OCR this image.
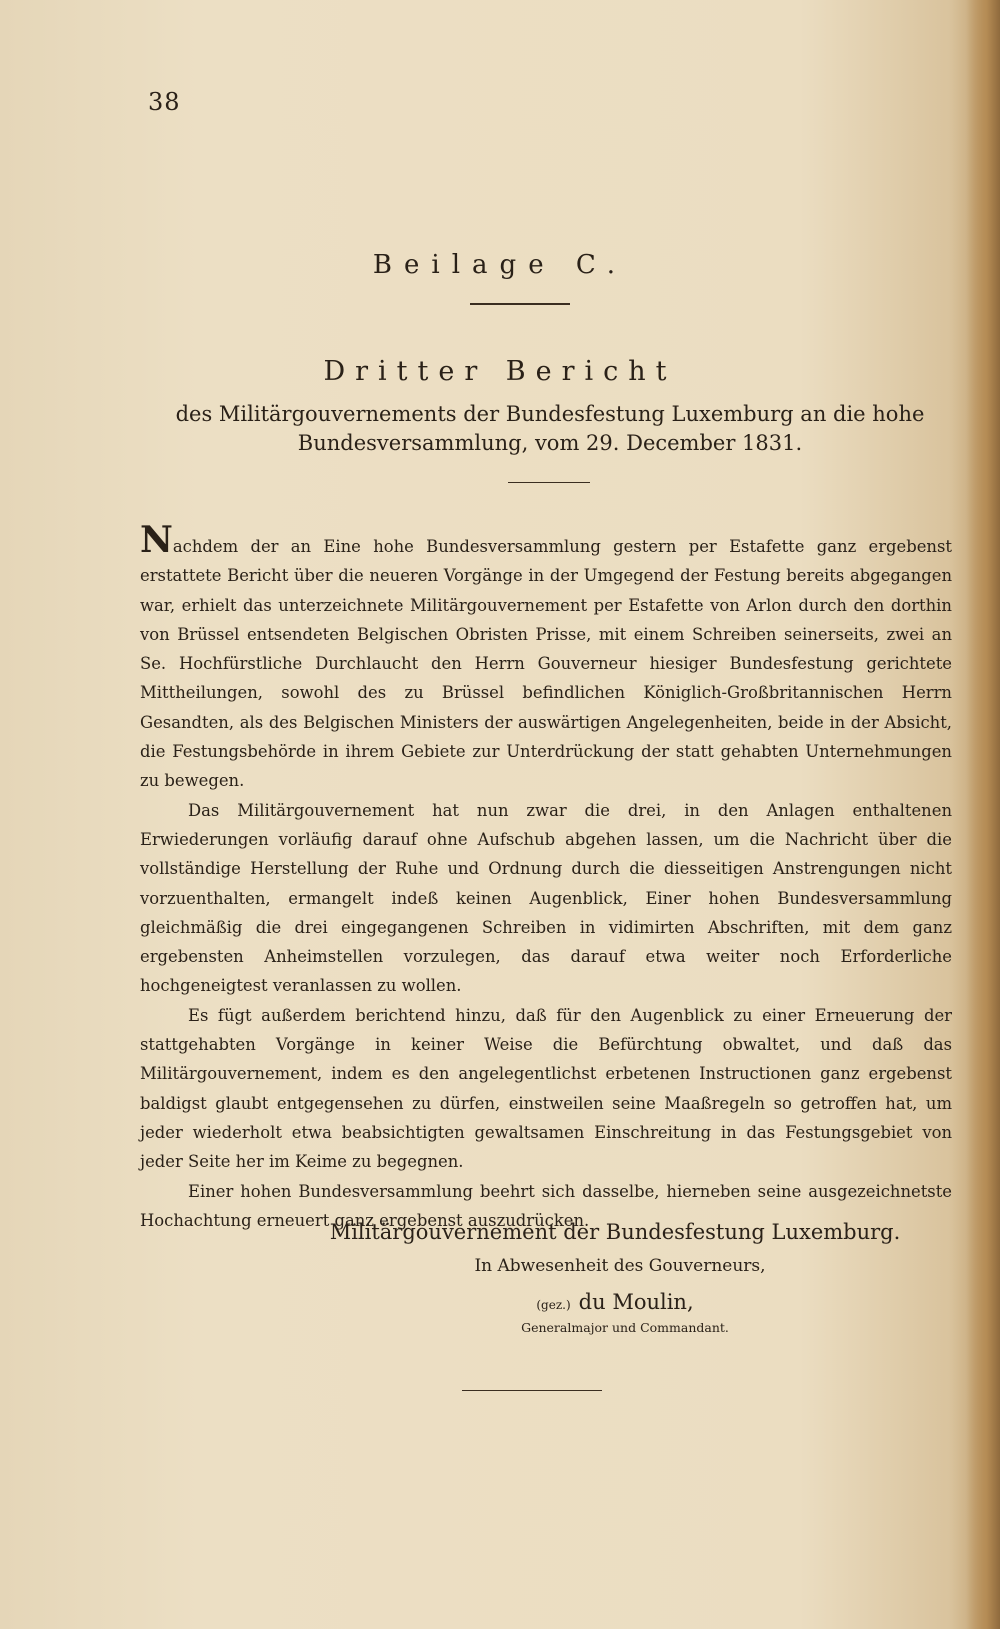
38
Beilage C.
Dritter Bericht
des Militärgouvernements der Bundesfestung Luxemburg an die hohe Bundesversammlung, vom 29. December 1831.

Nachdem der an Eine hohe Bundesversammlung gestern per Estafette ganz ergebenst erstattete Bericht über die neueren Vorgänge in der Umgegend der Festung bereits abgegangen war, erhielt das unterzeichnete Militärgouvernement per Estafette von Arlon durch den dorthin von Brüssel entsendeten Belgischen Obristen Prisse, mit einem Schreiben seinerseits, zwei an Se. Hochfürstliche Durchlaucht den Herrn Gouverneur hiesiger Bundesfestung gerichtete Mittheilungen, sowohl des zu Brüssel befindlichen Königlich-Großbritannischen Herrn Gesandten, als des Belgischen Ministers der auswärtigen Angelegenheiten, beide in der Absicht, die Festungsbehörde in ihrem Gebiete zur Unterdrückung der statt gehabten Unternehmungen zu bewegen.

Das Militärgouvernement hat nun zwar die drei, in den Anlagen enthaltenen Erwiederungen vorläufig darauf ohne Aufschub abgehen lassen, um die Nachricht über die vollständige Herstellung der Ruhe und Ordnung durch die diesseitigen Anstrengungen nicht vorzuenthalten, ermangelt indeß keinen Augenblick, Einer hohen Bundesversammlung gleichmäßig die drei eingegangenen Schreiben in vidimirten Abschriften, mit dem ganz ergebensten Anheimstellen vorzulegen, das darauf etwa weiter noch Erforderliche hochgeneigtest veranlassen zu wollen.

Es fügt außerdem berichtend hinzu, daß für den Augenblick zu einer Erneuerung der stattgehabten Vorgänge in keiner Weise die Befürchtung obwaltet, und daß das Militärgouvernement, indem es den angelegentlichst erbetenen Instructionen ganz ergebenst baldigst glaubt entgegensehen zu dürfen, einstweilen seine Maaßregeln so getroffen hat, um jeder wiederholt etwa beabsichtigten gewaltsamen Einschreitung in das Festungsgebiet von jeder Seite her im Keime zu begegnen.

Einer hohen Bundesversammlung beehrt sich dasselbe, hierneben seine ausgezeichnetste Hochachtung erneuert ganz ergebenst auszudrücken.

Militärgouvernement der Bundesfestung Luxemburg.
In Abwesenheit des Gouverneurs,
(gez.) du Moulin,
Generalmajor und Commandant.
